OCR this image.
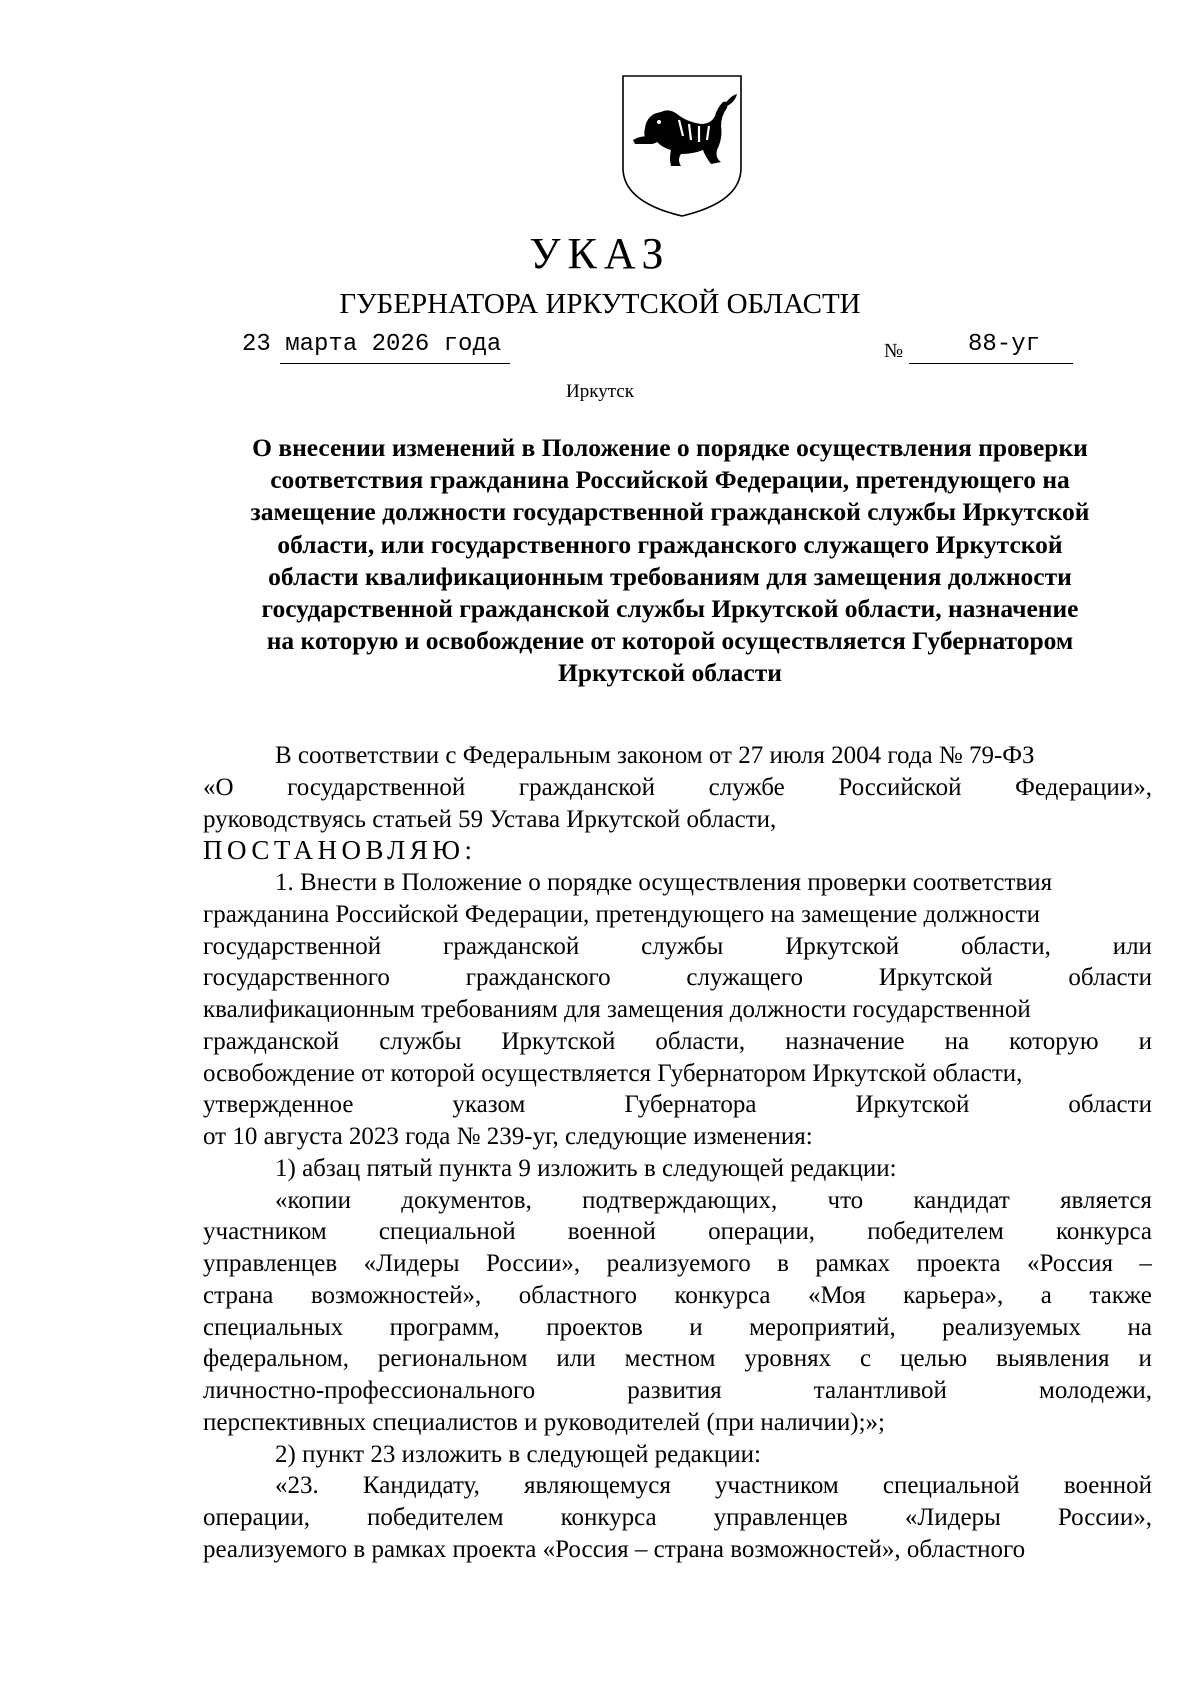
УКАЗ
ГУБЕРНАТОРА ИРКУТСКОЙ ОБЛАСТИ
23 марта 2026 года	№	88-уг
Иркутск
О внесении изменений в Положение о порядке осуществления проверки
соответствия гражданина Российской Федерации, претендующего на
замещение должности государственной гражданской службы Иркутской
области, или государственного гражданского служащего Иркутской
области квалификационным требованиям для замещения должности
государственной гражданской службы Иркутской области, назначение
на которую и освобождение от которой осуществляется Губернатором
Иркутской области
В соответствии с Федеральным законом от 27 июля 2004 года № 79-ФЗ
«О государственной гражданской службе Российской Федерации»,
руководствуясь статьей 59 Устава Иркутской области,
ПОСТАНОВЛЯЮ:
1. Внести в Положение о порядке осуществления проверки соответствия
гражданина Российской Федерации, претендующего на замещение должности
государственной гражданской службы Иркутской области, или
государственного	гражданского	служащего	Иркутской	области
квалификационным требованиям для замещения должности государственной
гражданской службы Иркутской области, назначение на которую и
освобождение от которой осуществляется Губернатором Иркутской области,
утвержденное	указом	Губернатора	Иркутской	области
от 10 августа 2023 года № 239-уг, следующие изменения:
1) абзац пятый пункта 9 изложить в следующей редакции:
«копии документов, подтверждающих, что кандидат является
участником специальной военной операции, победителем конкурса
управленцев «Лидеры России», реализуемого в рамках проекта «Россия –
страна возможностей», областного конкурса «Моя карьера», а также
специальных программ, проектов и мероприятий, реализуемых на
федеральном, региональном или местном уровнях с целью выявления и
личностно-профессионального	развития	талантливой	молодежи,
перспективных специалистов и руководителей (при наличии);»;
2) пункт 23 изложить в следующей редакции:
«23. Кандидату, являющемуся участником специальной военной
операции, победителем конкурса управленцев «Лидеры России»,
реализуемого в рамках проекта «Россия – страна возможностей», областного
